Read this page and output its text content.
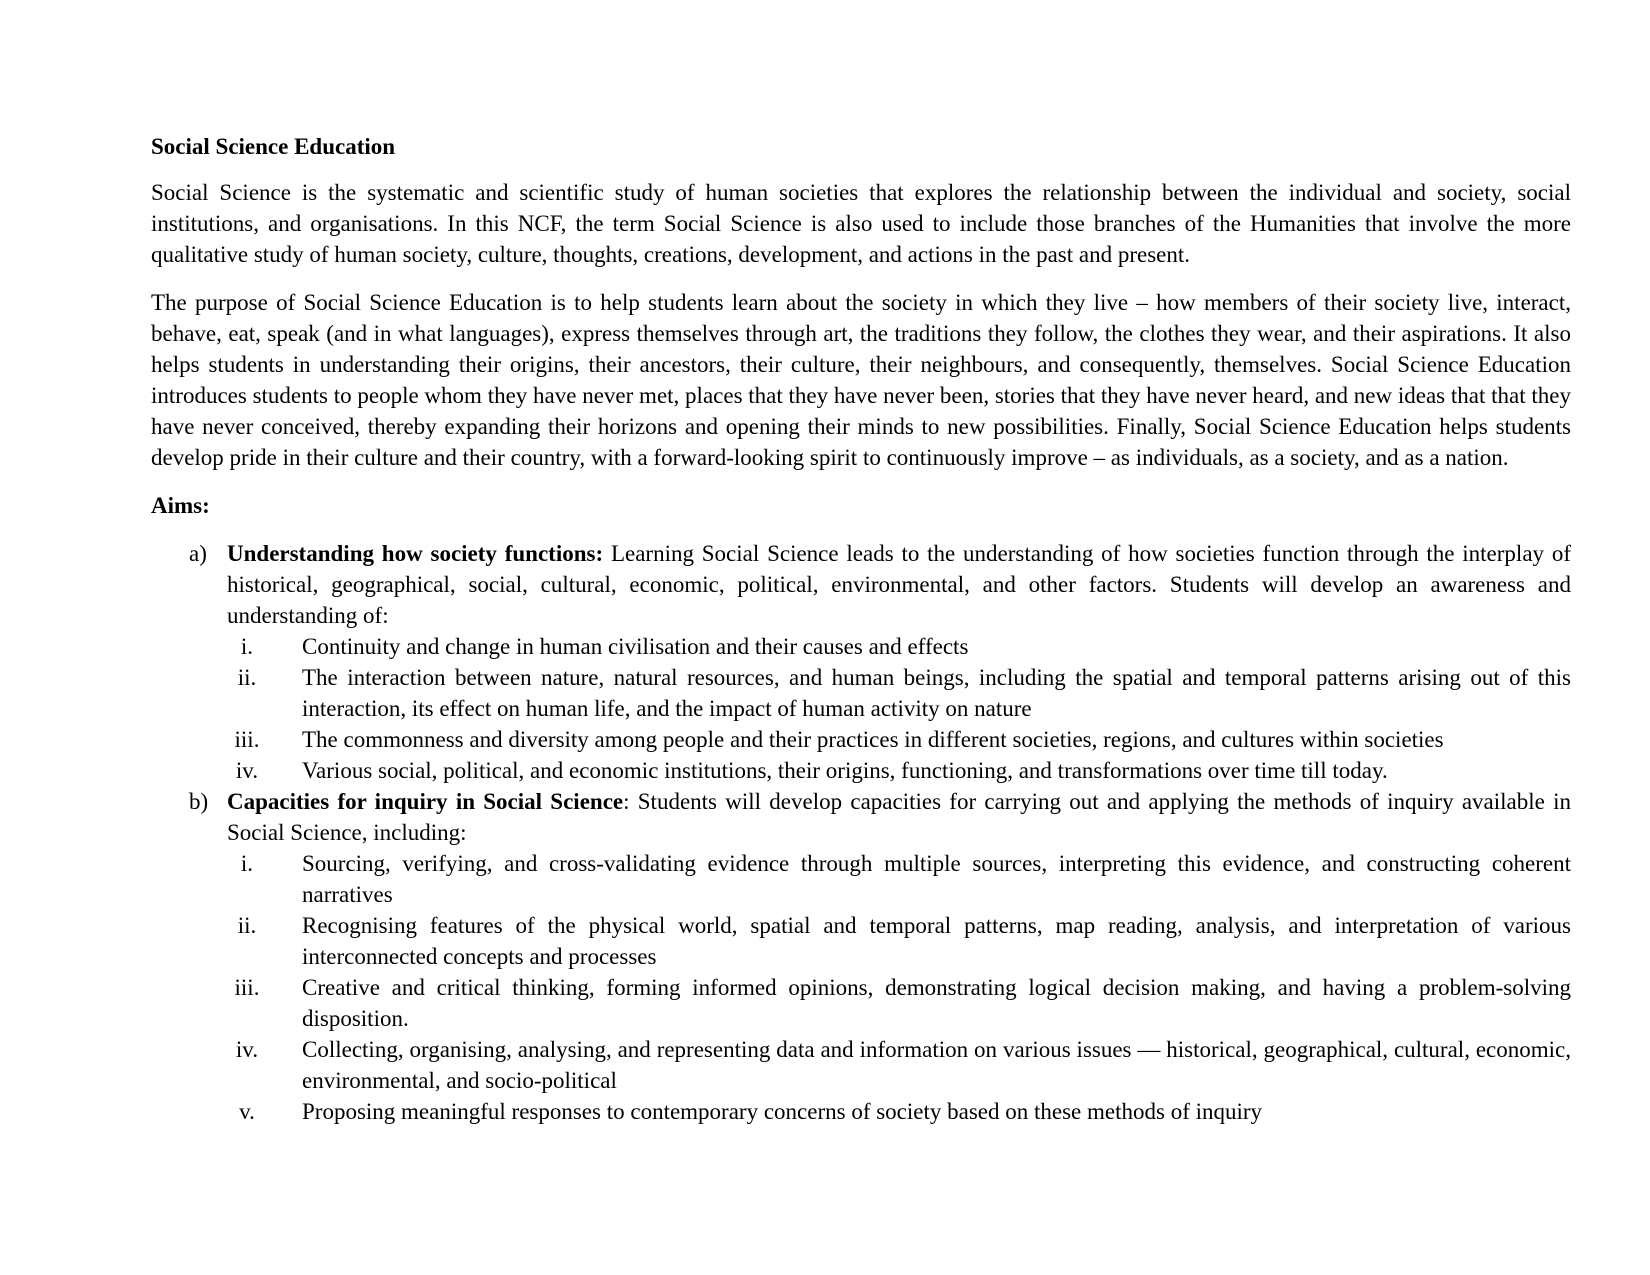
Social Science Education

Social Science is the systematic and scientific study of human societies that explores the relationship between the individual and society, social institutions, and organisations. In this NCF, the term Social Science is also used to include those branches of the Humanities that involve the more qualitative study of human society, culture, thoughts, creations, development, and actions in the past and present.

The purpose of Social Science Education is to help students learn about the society in which they live – how members of their society live, interact, behave, eat, speak (and in what languages), express themselves through art, the traditions they follow, the clothes they wear, and their aspirations. It also helps students in understanding their origins, their ancestors, their culture, their neighbours, and consequently, themselves. Social Science Education introduces students to people whom they have never met, places that they have never been, stories that they have never heard, and new ideas that that they have never conceived, thereby expanding their horizons and opening their minds to new possibilities. Finally, Social Science Education helps students develop pride in their culture and their country, with a forward-looking spirit to continuously improve – as individuals, as a society, and as a nation.

Aims:
a) Understanding how society functions: Learning Social Science leads to the understanding of how societies function through the interplay of historical, geographical, social, cultural, economic, political, environmental, and other factors. Students will develop an awareness and understanding of:
i.	Continuity and change in human civilisation and their causes and effects
ii.	The interaction between nature, natural resources, and human beings, including the spatial and temporal patterns arising out of this interaction, its effect on human life, and the impact of human activity on nature
iii.	The commonness and diversity among people and their practices in different societies, regions, and cultures within societies
iv.	Various social, political, and economic institutions, their origins, functioning, and transformations over time till today.
b) Capacities for inquiry in Social Science: Students will develop capacities for carrying out and applying the methods of inquiry available in Social Science, including:
i.	Sourcing, verifying, and cross-validating evidence through multiple sources, interpreting this evidence, and constructing coherent narratives
ii.	Recognising features of the physical world, spatial and temporal patterns, map reading, analysis, and interpretation of various interconnected concepts and processes
iii.	Creative and critical thinking, forming informed opinions, demonstrating logical decision making, and having a problem-solving disposition.
iv.	Collecting, organising, analysing, and representing data and information on various issues — historical, geographical, cultural, economic, environmental, and socio-political
v.	Proposing meaningful responses to contemporary concerns of society based on these methods of inquiry
